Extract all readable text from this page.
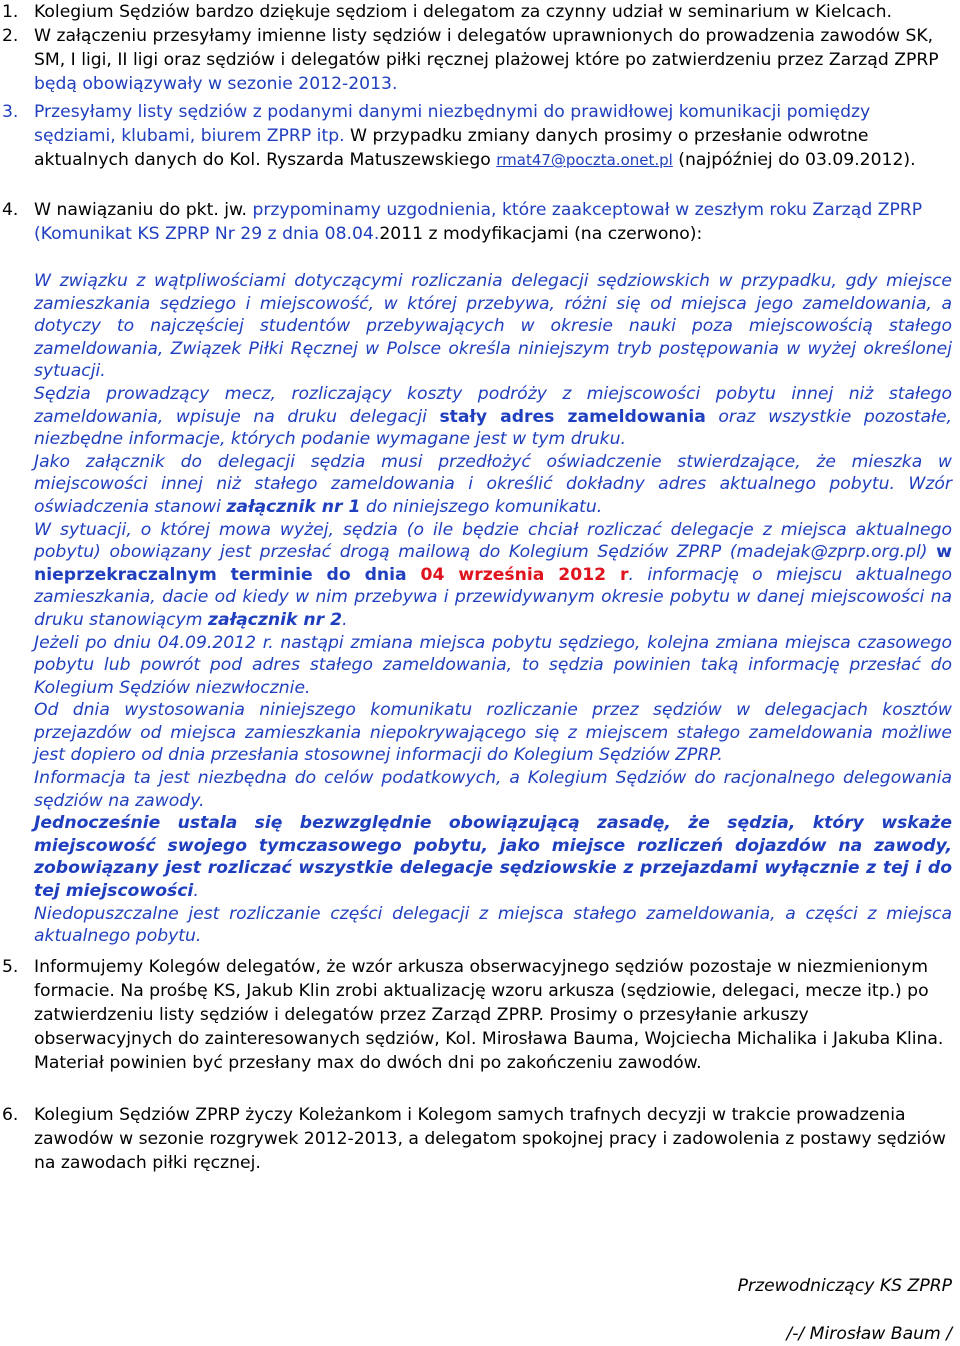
1. Kolegium Sędziów bardzo dziękuje sędziom i delegatom za czynny udział w seminarium w Kielcach.
2. W załączeniu przesyłamy imienne listy sędziów i delegatów uprawnionych do prowadzenia zawodów SK, SM, I ligi, II ligi oraz sędziów i delegatów piłki ręcznej plażowej które po zatwierdzeniu przez Zarząd ZPRP będą obowiązywały w sezonie 2012-2013.
3. Przesyłamy listy sędziów z podanymi danymi niezbędnymi do prawidłowej komunikacji pomiędzy sędziami, klubami, biurem ZPRP itp. W przypadku zmiany danych prosimy o przesłanie odwrotne aktualnych danych do Kol. Ryszarda Matuszewskiego rmat47@poczta.onet.pl (najpóźniej do 03.09.2012).
4. W nawiązaniu do pkt. jw. przypominamy uzgodnienia, które zaakceptował w zeszłym roku Zarząd ZPRP (Komunikat KS ZPRP Nr 29 z dnia 08.04.2011 z modyfikacjami (na czerwono):

W związku z wątpliwościami dotyczącymi rozliczania delegacji sędziowskich w przypadku, gdy miejsce zamieszkania sędziego i miejscowość, w której przebywa, różni się od miejsca jego zameldowania, a dotyczy to najczęściej studentów przebywających w okresie nauki poza miejscowością stałego zameldowania, Związek Piłki Ręcznej w Polsce określa niniejszym tryb postępowania w wyżej określonej sytuacji.

Sędzia prowadzący mecz, rozliczający koszty podróży z miejscowości pobytu innej niż stałego zameldowania, wpisuje na druku delegacji stały adres zameldowania oraz wszystkie pozostałe, niezbędne informacje, których podanie wymagane jest w tym druku.

Jako załącznik do delegacji sędzia musi przedłożyć oświadczenie stwierdzające, że mieszka w miejscowości innej niż stałego zameldowania i określić dokładny adres aktualnego pobytu. Wzór oświadczenia stanowi załącznik nr 1 do niniejszego komunikatu.

W sytuacji, o której mowa wyżej, sędzia (o ile będzie chciał rozliczać delegacje z miejsca aktualnego pobytu) obowiązany jest przesłać drogą mailową do Kolegium Sędziów ZPRP (madejak@zprp.org.pl) w nieprzekraczalnym terminie do dnia 04 września 2012 r. informację o miejscu aktualnego zamieszkania, dacie od kiedy w nim przebywa i przewidywanym okresie pobytu w danej miejscowości na druku stanowiącym załącznik nr 2.

Jeżeli po dniu 04.09.2012 r. nastąpi zmiana miejsca pobytu sędziego, kolejna zmiana miejsca czasowego pobytu lub powrót pod adres stałego zameldowania, to sędzia powinien taką informację przesłać do Kolegium Sędziów niezwłocznie.

Od dnia wystosowania niniejszego komunikatu rozliczanie przez sędziów w delegacjach kosztów przejazdów od miejsca zamieszkania niepokrywającego się z miejscem stałego zameldowania możliwe jest dopiero od dnia przesłania stosownej informacji do Kolegium Sędziów ZPRP.

Informacja ta jest niezbędna do celów podatkowych, a Kolegium Sędziów do racjonalnego delegowania sędziów na zawody.

Jednocześnie ustala się bezwzględnie obowiązującą zasadę, że sędzia, który wskaże miejscowość swojego tymczasowego pobytu, jako miejsce rozliczeń dojazdów na zawody, zobowiązany jest rozliczać wszystkie delegacje sędziowskie z przejazdami wyłącznie z tej i do tej miejscowości.

Niedopuszczalne jest rozliczanie części delegacji z miejsca stałego zameldowania, a części z miejsca aktualnego pobytu.

5. Informujemy Kolegów delegatów, że wzór arkusza obserwacyjnego sędziów pozostaje w niezmienionym formacie. Na prośbę KS, Jakub Klin zrobi aktualizację wzoru arkusza (sędziowie, delegaci, mecze itp.) po zatwierdzeniu listy sędziów i delegatów przez Zarząd ZPRP. Prosimy o przesyłanie arkuszy obserwacyjnych do zainteresowanych sędziów, Kol. Mirosława Bauma, Wojciecha Michalika i Jakuba Klina. Materiał powinien być przesłany max do dwóch dni po zakończeniu zawodów.
6. Kolegium Sędziów ZPRP życzy Koleżankom i Kolegom samych trafnych decyzji w trakcie prowadzenia zawodów w sezonie rozgrywek 2012-2013, a delegatom spokojnej pracy i zadowolenia z postawy sędziów na zawodach piłki ręcznej.
Przewodniczący KS ZPRP
/-/ Mirosław Baum /
